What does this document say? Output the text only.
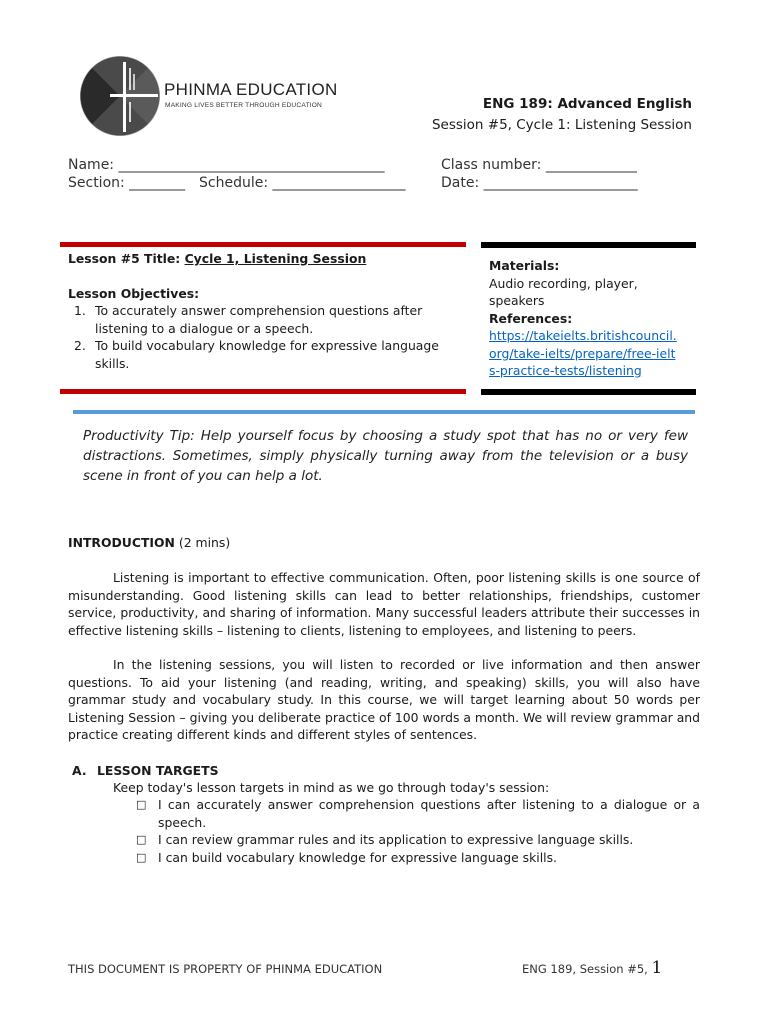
PHINMA EDUCATION
MAKING LIVES BETTER THROUGH EDUCATION	ENG 189: Advanced English
Session #5, Cycle 1: Listening Session
Name: ______________________________________	Class number: _____________
Section: ________ Schedule: ___________________	Date: ______________________
Lesson #5 Title: Cycle 1, Listening Session
Lesson Objectives:
1. To accurately answer comprehension questions after listening to a dialogue or a speech.
2. To build vocabulary knowledge for expressive language skills.
Materials:
Audio recording, player, speakers
References:
https://takeielts.britishcouncil.
org/take-ielts/prepare/free-ielt
s-practice-tests/listening
Productivity Tip: Help yourself focus by choosing a study spot that has no or very few distractions. Sometimes, simply physically turning away from the television or a busy scene in front of you can help a lot.
INTRODUCTION (2 mins)
Listening is important to effective communication. Often, poor listening skills is one source of misunderstanding. Good listening skills can lead to better relationships, friendships, customer service, productivity, and sharing of information. Many successful leaders attribute their successes in effective listening skills – listening to clients, listening to employees, and listening to peers.
In the listening sessions, you will listen to recorded or live information and then answer questions. To aid your listening (and reading, writing, and speaking) skills, you will also have grammar study and vocabulary study. In this course, we will target learning about 50 words per Listening Session – giving you deliberate practice of 100 words a month. We will review grammar and practice creating different kinds and different styles of sentences.
A. LESSON TARGETS
Keep today's lesson targets in mind as we go through today's session:
□ I can accurately answer comprehension questions after listening to a dialogue or a speech.
□ I can review grammar rules and its application to expressive language skills.
□ I can build vocabulary knowledge for expressive language skills.
THIS DOCUMENT IS PROPERTY OF PHINMA EDUCATION	ENG 189, Session #5, 1
